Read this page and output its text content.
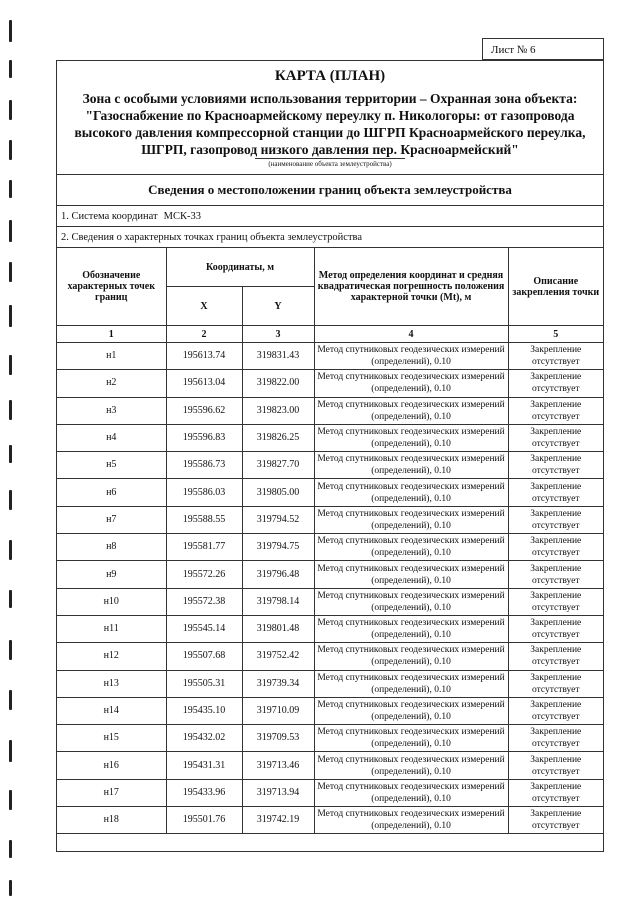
Лист № 6
КАРТА (ПЛАН)
Зона с особыми условиями использования территории – Охранная зона объекта: "Газоснабжение по Красноармейскому переулку п. Никологоры: от газопровода высокого давления компрессорной станции до ШГРП Красноармейского переулка, ШГРП, газопровод низкого давления пер. Красноармейский"
(наименование объекта землеустройства)
Сведения о местоположении границ объекта землеустройства
1. Система координат МСК-33
2. Сведения о характерных точках границ объекта землеустройства
Обозначение характерных точек границ	Координаты, м		Метод определения координат и средняя квадратическая погрешность положения характерной точки (Mt), м	Описание закрепления точки
	X	Y		
1	2	3	4	5
н1	195613.74	319831.43	Метод спутниковых геодезических измерений (определений), 0.10	Закрепление отсутствует
н2	195613.04	319822.00	Метод спутниковых геодезических измерений (определений), 0.10	Закрепление отсутствует
н3	195596.62	319823.00	Метод спутниковых геодезических измерений (определений), 0.10	Закрепление отсутствует
н4	195596.83	319826.25	Метод спутниковых геодезических измерений (определений), 0.10	Закрепление отсутствует
н5	195586.73	319827.70	Метод спутниковых геодезических измерений (определений), 0.10	Закрепление отсутствует
н6	195586.03	319805.00	Метод спутниковых геодезических измерений (определений), 0.10	Закрепление отсутствует
н7	195588.55	319794.52	Метод спутниковых геодезических измерений (определений), 0.10	Закрепление отсутствует
н8	195581.77	319794.75	Метод спутниковых геодезических измерений (определений), 0.10	Закрепление отсутствует
н9	195572.26	319796.48	Метод спутниковых геодезических измерений (определений), 0.10	Закрепление отсутствует
н10	195572.38	319798.14	Метод спутниковых геодезических измерений (определений), 0.10	Закрепление отсутствует
н11	195545.14	319801.48	Метод спутниковых геодезических измерений (определений), 0.10	Закрепление отсутствует
н12	195507.68	319752.42	Метод спутниковых геодезических измерений (определений), 0.10	Закрепление отсутствует
н13	195505.31	319739.34	Метод спутниковых геодезических измерений (определений), 0.10	Закрепление отсутствует
н14	195435.10	319710.09	Метод спутниковых геодезических измерений (определений), 0.10	Закрепление отсутствует
н15	195432.02	319709.53	Метод спутниковых геодезических измерений (определений), 0.10	Закрепление отсутствует
н16	195431.31	319713.46	Метод спутниковых геодезических измерений (определений), 0.10	Закрепление отсутствует
н17	195433.96	319713.94	Метод спутниковых геодезических измерений (определений), 0.10	Закрепление отсутствует
н18	195501.76	319742.19	Метод спутниковых геодезических измерений (определений), 0.10	Закрепление отсутствует
